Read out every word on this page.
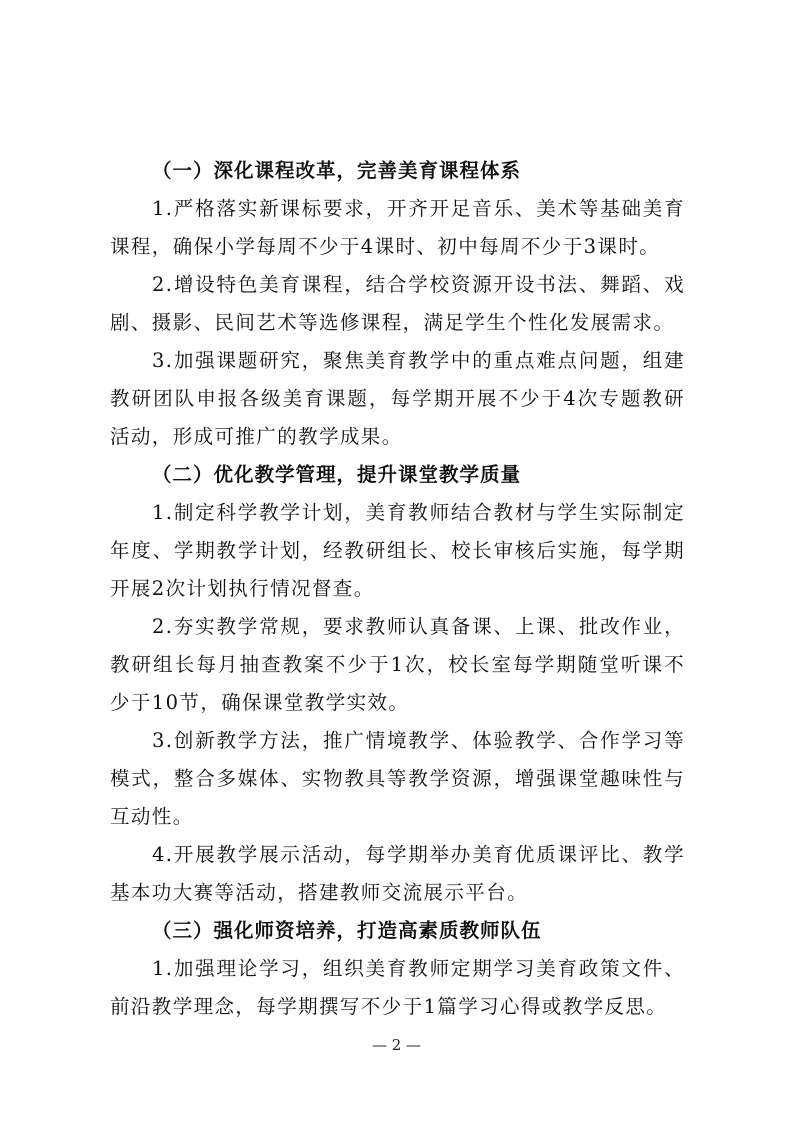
（一）深化课程改革，完善美育课程体系

1.严格落实新课标要求，开齐开足音乐、美术等基础美育课程，确保小学每周不少于4课时、初中每周不少于3课时。

2.增设特色美育课程，结合学校资源开设书法、舞蹈、戏剧、摄影、民间艺术等选修课程，满足学生个性化发展需求。

3.加强课题研究，聚焦美育教学中的重点难点问题，组建教研团队申报各级美育课题，每学期开展不少于4次专题教研活动，形成可推广的教学成果。

（二）优化教学管理，提升课堂教学质量

1.制定科学教学计划，美育教师结合教材与学生实际制定年度、学期教学计划，经教研组长、校长审核后实施，每学期开展2次计划执行情况督查。

2.夯实教学常规，要求教师认真备课、上课、批改作业，教研组长每月抽查教案不少于1次，校长室每学期随堂听课不少于10节，确保课堂教学实效。

3.创新教学方法，推广情境教学、体验教学、合作学习等模式，整合多媒体、实物教具等教学资源，增强课堂趣味性与互动性。

4.开展教学展示活动，每学期举办美育优质课评比、教学基本功大赛等活动，搭建教师交流展示平台。

（三）强化师资培养，打造高素质教师队伍

1.加强理论学习，组织美育教师定期学习美育政策文件、前沿教学理念，每学期撰写不少于1篇学习心得或教学反思。

— 2 —
